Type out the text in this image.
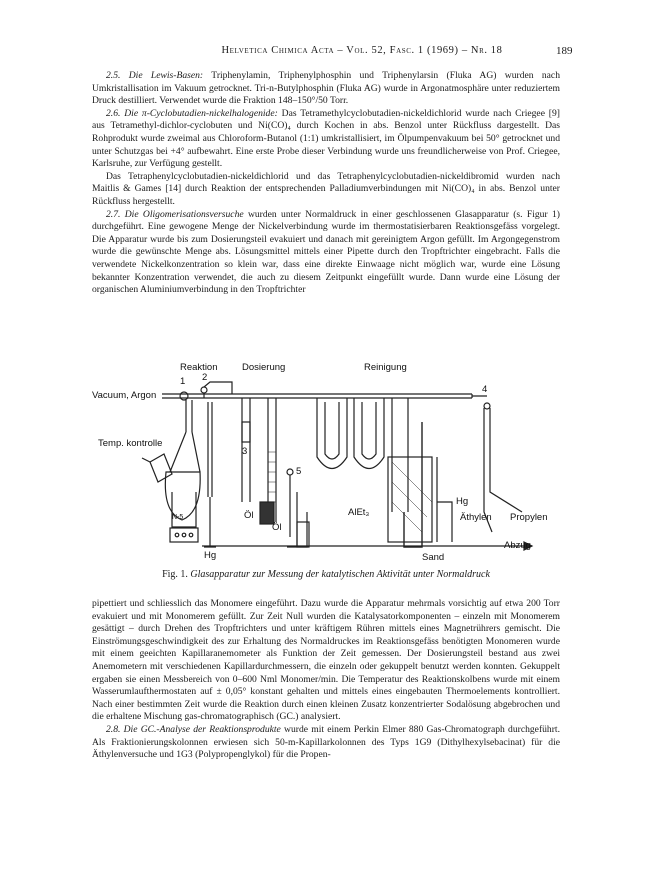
Helvetica Chimica Acta – Vol. 52, Fasc. 1 (1969) – Nr. 18	189

2.5. Die Lewis-Basen: Triphenylamin, Triphenylphosphin und Triphenylarsin (Fluka AG) wurden nach Umkristallisation im Vakuum getrocknet. Tri-n-Butylphosphin (Fluka AG) wurde in Argonatmosphäre unter reduziertem Druck destilliert. Verwendet wurde die Fraktion 148–150°/50 Torr.

2.6. Die π-Cyclobutadien-nickelhalogenide: Das Tetramethylcyclobutadien-nickeldichlorid wurde nach Criegee [9] aus Tetramethyl-dichlor-cyclobuten und Ni(CO)₄ durch Kochen in abs. Benzol unter Rückfluss dargestellt. Das Rohprodukt wurde zweimal aus Chloroform-Butanol (1:1) umkristallisiert, im Ölpumpenvakuum bei 50° getrocknet und unter Schutzgas bei +4° aufbewahrt. Eine erste Probe dieser Verbindung wurde uns freundlicherweise von Prof. Criegee, Karlsruhe, zur Verfügung gestellt.

Das Tetraphenylcyclobutadien-nickeldichlorid und das Tetraphenylcyclobutadien-nickeldibromid wurden nach Maitlis & Games [14] durch Reaktion der entsprechenden Palladiumverbindungen mit Ni(CO)₄ in abs. Benzol unter Rückfluss hergestellt.

2.7. Die Oligomerisationsversuche wurden unter Normaldruck in einer geschlossenen Glasapparatur (s. Figur 1) durchgeführt. Eine gewogene Menge der Nickelverbindung wurde im thermostatisierbaren Reaktionsgefäss vorgelegt. Die Apparatur wurde bis zum Dosierungsteil evakuiert und danach mit gereinigtem Argon gefüllt. Im Argongegenstrom wurde die gewünschte Menge abs. Lösungsmittel mittels einer Pipette durch den Tropftrichter eingebracht. Falls die verwendete Nickelkonzentration so klein war, dass eine direkte Einwaage nicht möglich war, wurde eine Lösung bekannter Konzentration verwendet, die auch zu diesem Zeitpunkt eingefüllt wurde. Dann wurde eine Lösung der organischen Aluminiumverbindung in den Tropftrichter

Reaktion	Dosierung	Reinigung
1 2
3
4
5
Vacuum, Argon
Temp. kontrolle
N-5	Öl
Öl
Hg
Hg
AlEt₃	Äthylen Propylen
Abzug
Sand
Fig. 1. Glasapparatur zur Messung der katalytischen Aktivität unter Normaldruck

pipettiert und schliesslich das Monomere eingeführt. Dazu wurde die Apparatur mehrmals vorsichtig auf etwa 200 Torr evakuiert und mit Monomerem gefüllt. Zur Zeit Null wurden die Katalysatorkomponenten – einzeln mit Monomerem gesättigt – durch Drehen des Tropftrichters und unter kräftigem Rühren mittels eines Magnetrührers gemischt. Die Einströmungsgeschwindigkeit des zur Erhaltung des Normaldruckes im Reaktionsgefäss benötigten Monomeren wurde mit einem geeichten Kapillaranemometer als Funktion der Zeit gemessen. Der Dosierungsteil bestand aus zwei Anemometern mit verschiedenen Kapillardurchmessern, die einzeln oder gekuppelt benutzt werden konnten. Gekuppelt ergaben sie einen Messbereich von 0–600 Nml Monomer/min. Die Temperatur des Reaktionskolbens wurde mit einem Wasserumlaufthermostaten auf ± 0,05° konstant gehalten und mittels eines eingebauten Thermoelements kontrolliert. Nach einer bestimmten Zeit wurde die Reaktion durch einen kleinen Zusatz konzentrierter Sodalösung abgebrochen und die erhaltene Mischung gas-chromatographisch (GC.) analysiert.

2.8. Die GC.-Analyse der Reaktionsprodukte wurde mit einem Perkin Elmer 880 Gas-Chromatograph durchgeführt. Als Fraktionierungskolonnen erwiesen sich 50-m-Kapillarkolonnen des Typs 1G9 (Dithylhexylsebacinat) für die Äthylenversuche und 1G3 (Polypropenglykol) für die Propen-
